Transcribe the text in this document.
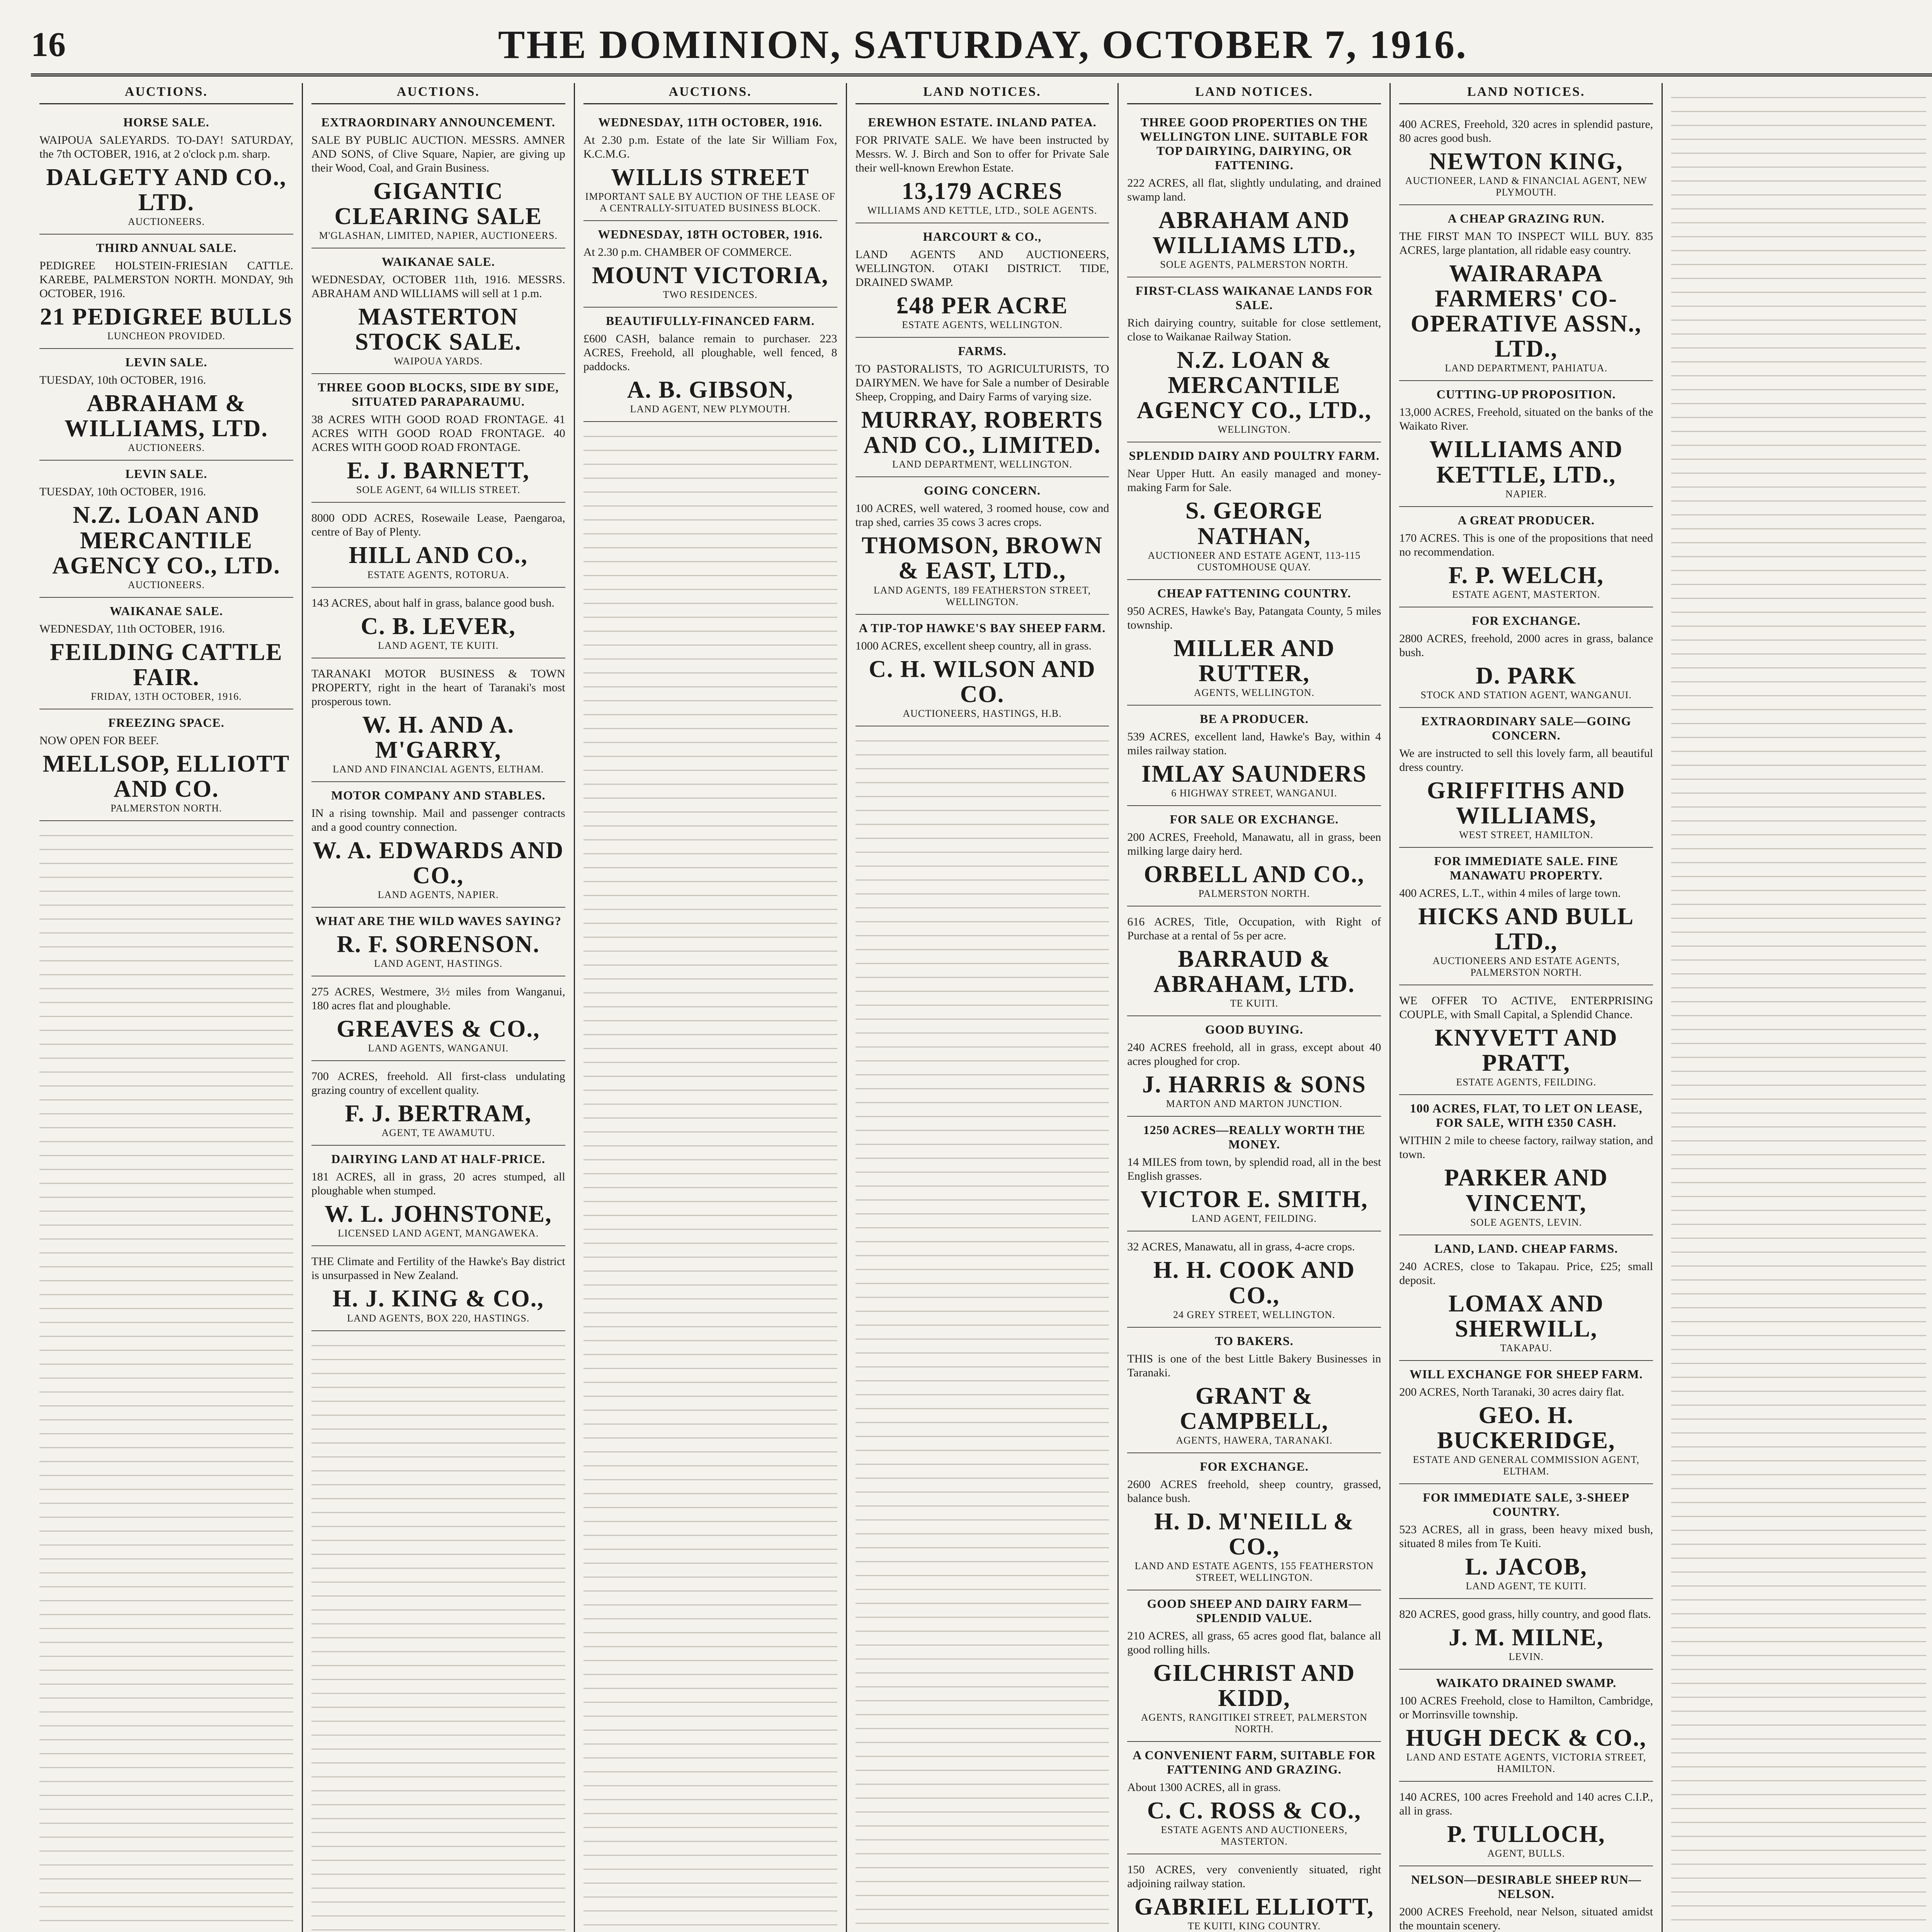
16	THE DOMINION, SATURDAY, OCTOBER 7, 1916.
AUCTIONS.
HORSE SALE.

WAIPOUA SALEYARDS. TO-DAY! SATURDAY, the 7th OCTOBER, 1916, at 2 o'clock p.m. sharp.

DALGETY AND CO., LTD.
AUCTIONEERS.
THIRD ANNUAL SALE.

PEDIGREE HOLSTEIN-FRIESIAN CATTLE. KAREBE, PALMERSTON NORTH. MONDAY, 9th OCTOBER, 1916.

21 PEDIGREE BULLS
LUNCHEON PROVIDED.
LEVIN SALE.

TUESDAY, 10th OCTOBER, 1916.

ABRAHAM & WILLIAMS, LTD.
AUCTIONEERS.
LEVIN SALE.

TUESDAY, 10th OCTOBER, 1916.

N.Z. LOAN AND MERCANTILE AGENCY CO., LTD.
AUCTIONEERS.
WAIKANAE SALE.

WEDNESDAY, 11th OCTOBER, 1916.

FEILDING CATTLE FAIR.
FRIDAY, 13TH OCTOBER, 1916.
FREEZING SPACE.

NOW OPEN FOR BEEF.

MELLSOP, ELLIOTT AND CO.
PALMERSTON NORTH.
AUCTIONS.
EXTRAORDINARY ANNOUNCEMENT.

SALE BY PUBLIC AUCTION. MESSRS. AMNER AND SONS, of Clive Square, Napier, are giving up their Wood, Coal, and Grain Business.

GIGANTIC CLEARING SALE
M'GLASHAN, LIMITED, NAPIER, AUCTIONEERS.
WAIKANAE SALE.

WEDNESDAY, OCTOBER 11th, 1916. MESSRS. ABRAHAM AND WILLIAMS will sell at 1 p.m.

MASTERTON STOCK SALE.
WAIPOUA YARDS.
THREE GOOD BLOCKS, SIDE BY SIDE, SITUATED PARAPARAUMU.

38 ACRES WITH GOOD ROAD FRONTAGE. 41 ACRES WITH GOOD ROAD FRONTAGE. 40 ACRES WITH GOOD ROAD FRONTAGE.

E. J. BARNETT,
SOLE AGENT, 64 WILLIS STREET.

8000 ODD ACRES, Rosewaile Lease, Paengaroa, centre of Bay of Plenty.

HILL AND CO.,
ESTATE AGENTS, ROTORUA.

143 ACRES, about half in grass, balance good bush.

C. B. LEVER,
LAND AGENT, TE KUITI.

TARANAKI MOTOR BUSINESS & TOWN PROPERTY, right in the heart of Taranaki's most prosperous town.

W. H. AND A. M'GARRY,
LAND AND FINANCIAL AGENTS, ELTHAM.
MOTOR COMPANY AND STABLES.

IN a rising township. Mail and passenger contracts and a good country connection.

W. A. EDWARDS AND CO.,
LAND AGENTS, NAPIER.
WHAT ARE THE WILD WAVES SAYING?

R. F. SORENSON.
LAND AGENT, HASTINGS.

275 ACRES, Westmere, 3½ miles from Wanganui, 180 acres flat and ploughable.

GREAVES & CO.,
LAND AGENTS, WANGANUI.

700 ACRES, freehold. All first-class undulating grazing country of excellent quality.

F. J. BERTRAM,
AGENT, TE AWAMUTU.
DAIRYING LAND AT HALF-PRICE.

181 ACRES, all in grass, 20 acres stumped, all ploughable when stumped.

W. L. JOHNSTONE,
LICENSED LAND AGENT, MANGAWEKA.

THE Climate and Fertility of the Hawke's Bay district is unsurpassed in New Zealand.

H. J. KING & CO.,
LAND AGENTS, BOX 220, HASTINGS.
AUCTIONS.
WEDNESDAY, 11TH OCTOBER, 1916.

At 2.30 p.m. Estate of the late Sir William Fox, K.C.M.G.

WILLIS STREET
IMPORTANT SALE BY AUCTION OF THE LEASE OF A CENTRALLY-SITUATED BUSINESS BLOCK.
WEDNESDAY, 18TH OCTOBER, 1916.

At 2.30 p.m. CHAMBER OF COMMERCE.

MOUNT VICTORIA,
TWO RESIDENCES.
BEAUTIFULLY-FINANCED FARM.

£600 CASH, balance remain to purchaser. 223 ACRES, Freehold, all ploughable, well fenced, 8 paddocks.

A. B. GIBSON,
LAND AGENT, NEW PLYMOUTH.
LAND NOTICES.
EREWHON ESTATE. INLAND PATEA.

FOR PRIVATE SALE. We have been instructed by Messrs. W. J. Birch and Son to offer for Private Sale their well-known Erewhon Estate.

13,179 ACRES
WILLIAMS AND KETTLE, LTD., SOLE AGENTS.
HARCOURT & CO.,

LAND AGENTS AND AUCTIONEERS, WELLINGTON. OTAKI DISTRICT. TIDE, DRAINED SWAMP.

£48 PER ACRE
ESTATE AGENTS, WELLINGTON.
FARMS.

TO PASTORALISTS, TO AGRICULTURISTS, TO DAIRYMEN. We have for Sale a number of Desirable Sheep, Cropping, and Dairy Farms of varying size.

MURRAY, ROBERTS AND CO., LIMITED.
LAND DEPARTMENT, WELLINGTON.
GOING CONCERN.

100 ACRES, well watered, 3 roomed house, cow and trap shed, carries 35 cows 3 acres crops.

THOMSON, BROWN & EAST, LTD.,
LAND AGENTS, 189 FEATHERSTON STREET, WELLINGTON.
A TIP-TOP HAWKE'S BAY SHEEP FARM.

1000 ACRES, excellent sheep country, all in grass.

C. H. WILSON AND CO.
AUCTIONEERS, HASTINGS, H.B.
LAND NOTICES.
THREE GOOD PROPERTIES ON THE WELLINGTON LINE. SUITABLE FOR TOP DAIRYING, DAIRYING, OR FATTENING.

222 ACRES, all flat, slightly undulating, and drained swamp land.

ABRAHAM AND WILLIAMS LTD.,
SOLE AGENTS, PALMERSTON NORTH.
FIRST-CLASS WAIKANAE LANDS FOR SALE.

Rich dairying country, suitable for close settlement, close to Waikanae Railway Station.

N.Z. LOAN & MERCANTILE AGENCY CO., LTD.,
WELLINGTON.
SPLENDID DAIRY AND POULTRY FARM.

Near Upper Hutt. An easily managed and money-making Farm for Sale.

S. GEORGE NATHAN,
AUCTIONEER AND ESTATE AGENT, 113-115 CUSTOMHOUSE QUAY.
CHEAP FATTENING COUNTRY.

950 ACRES, Hawke's Bay, Patangata County, 5 miles township.

MILLER AND RUTTER,
AGENTS, WELLINGTON.
BE A PRODUCER.

539 ACRES, excellent land, Hawke's Bay, within 4 miles railway station.

IMLAY SAUNDERS
6 HIGHWAY STREET, WANGANUI.
FOR SALE OR EXCHANGE.

200 ACRES, Freehold, Manawatu, all in grass, been milking large dairy herd.

ORBELL AND CO.,
PALMERSTON NORTH.

616 ACRES, Title, Occupation, with Right of Purchase at a rental of 5s per acre.

BARRAUD & ABRAHAM, LTD.
TE KUITI.
GOOD BUYING.

240 ACRES freehold, all in grass, except about 40 acres ploughed for crop.

J. HARRIS & SONS
MARTON AND MARTON JUNCTION.
1250 ACRES—REALLY WORTH THE MONEY.

14 MILES from town, by splendid road, all in the best English grasses.

VICTOR E. SMITH,
LAND AGENT, FEILDING.

32 ACRES, Manawatu, all in grass, 4-acre crops.

H. H. COOK AND CO.,
24 GREY STREET, WELLINGTON.
TO BAKERS.

THIS is one of the best Little Bakery Businesses in Taranaki.

GRANT & CAMPBELL,
AGENTS, HAWERA, TARANAKI.
FOR EXCHANGE.

2600 ACRES freehold, sheep country, grassed, balance bush.

H. D. M'NEILL & CO.,
LAND AND ESTATE AGENTS, 155 FEATHERSTON STREET, WELLINGTON.
GOOD SHEEP AND DAIRY FARM—SPLENDID VALUE.

210 ACRES, all grass, 65 acres good flat, balance all good rolling hills.

GILCHRIST AND KIDD,
AGENTS, RANGITIKEI STREET, PALMERSTON NORTH.
A CONVENIENT FARM, SUITABLE FOR FATTENING AND GRAZING.

About 1300 ACRES, all in grass.

C. C. ROSS & CO.,
ESTATE AGENTS AND AUCTIONEERS, MASTERTON.

150 ACRES, very conveniently situated, right adjoining railway station.

GABRIEL ELLIOTT,
TE KUITI, KING COUNTRY.

LAND NOTICES.

400 ACRES, Freehold, 320 acres in splendid pasture, 80 acres good bush.

NEWTON KING,
AUCTIONEER, LAND & FINANCIAL AGENT, NEW PLYMOUTH.
A CHEAP GRAZING RUN.

THE FIRST MAN TO INSPECT WILL BUY. 835 ACRES, large plantation, all ridable easy country.

WAIRARAPA FARMERS' CO-OPERATIVE ASSN., LTD.,
LAND DEPARTMENT, PAHIATUA.
CUTTING-UP PROPOSITION.

13,000 ACRES, Freehold, situated on the banks of the Waikato River.

WILLIAMS AND KETTLE, LTD.,
NAPIER.
A GREAT PRODUCER.

170 ACRES. This is one of the propositions that need no recommendation.

F. P. WELCH,
ESTATE AGENT, MASTERTON.
FOR EXCHANGE.

2800 ACRES, freehold, 2000 acres in grass, balance bush.

D. PARK
STOCK AND STATION AGENT, WANGANUI.
EXTRAORDINARY SALE—GOING CONCERN.

We are instructed to sell this lovely farm, all beautiful dress country.

GRIFFITHS AND WILLIAMS,
WEST STREET, HAMILTON.
FOR IMMEDIATE SALE. FINE MANAWATU PROPERTY.

400 ACRES, L.T., within 4 miles of large town.

HICKS AND BULL LTD.,
AUCTIONEERS AND ESTATE AGENTS, PALMERSTON NORTH.

WE OFFER TO ACTIVE, ENTERPRISING COUPLE, with Small Capital, a Splendid Chance.

KNYVETT AND PRATT,
ESTATE AGENTS, FEILDING.
100 ACRES, FLAT, TO LET ON LEASE, FOR SALE, WITH £350 CASH.

WITHIN 2 mile to cheese factory, railway station, and town.

PARKER AND VINCENT,
SOLE AGENTS, LEVIN.
LAND, LAND. CHEAP FARMS.

240 ACRES, close to Takapau. Price, £25; small deposit.

LOMAX AND SHERWILL,
TAKAPAU.
WILL EXCHANGE FOR SHEEP FARM.

200 ACRES, North Taranaki, 30 acres dairy flat.

GEO. H. BUCKERIDGE,
ESTATE AND GENERAL COMMISSION AGENT, ELTHAM.
FOR IMMEDIATE SALE, 3-SHEEP COUNTRY.

523 ACRES, all in grass, been heavy mixed bush, situated 8 miles from Te Kuiti.

L. JACOB,
LAND AGENT, TE KUITI.

820 ACRES, good grass, hilly country, and good flats.

J. M. MILNE,
LEVIN.
WAIKATO DRAINED SWAMP.

100 ACRES Freehold, close to Hamilton, Cambridge, or Morrinsville township.

HUGH DECK & CO.,
LAND AND ESTATE AGENTS, VICTORIA STREET, HAMILTON.

140 ACRES, 100 acres Freehold and 140 acres C.I.P., all in grass.

P. TULLOCH,
AGENT, BULLS.
NELSON—DESIRABLE SHEEP RUN—NELSON.

2000 ACRES Freehold, near Nelson, situated amidst the mountain scenery.
